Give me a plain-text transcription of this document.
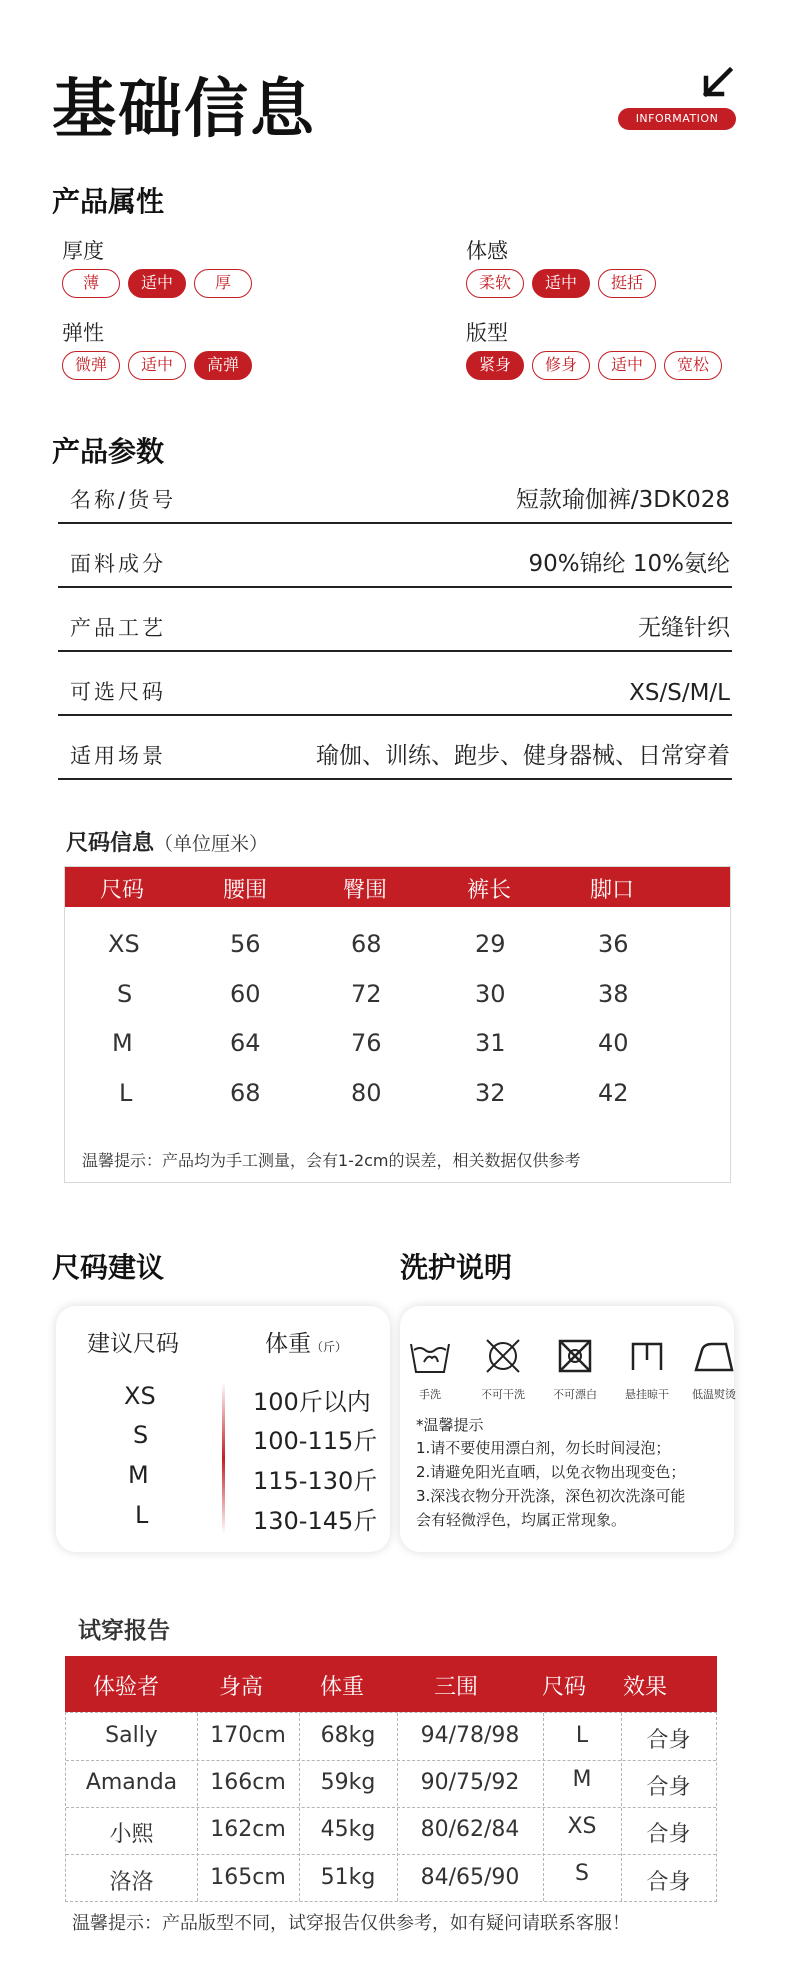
基础信息	INFORMATION
产品属性
厚度
薄	适中	厚
体感
柔软	适中	挺括
弹性
微弹	适中	高弹
版型
紧身	修身	适中	宽松
产品参数
名称/货号	短款瑜伽裤/3DK028
面料成分	90%锦纶 10%氨纶
产品工艺	无缝针织
可选尺码	XS/S/M/L
适用场景	瑜伽、训练、跑步、健身器械、日常穿着
尺码信息（单位厘米）
尺码	腰围	臀围	裤长	脚口
XS	56	68	29	36
S	60	72	30	38
M	64	76	31	40
L	68	80	32	42
温馨提示：产品均为手工测量，会有1-2cm的误差，相关数据仅供参考
尺码建议	洗护说明
建议尺码	体重（斤）
XS	100斤以内
S	100-115斤
M	115-130斤
L	130-145斤
手洗	不可干洗	不可漂白	悬挂晾干	低温熨烫
*温馨提示
1.请不要使用漂白剂，勿长时间浸泡；
2.请避免阳光直晒，以免衣物出现变色；
3.深浅衣物分开洗涤，深色初次洗涤可能
会有轻微浮色，均属正常现象。
试穿报告
体验者	身高	体重	三围	尺码 效果
Sally	170cm	68kg	94/78/98	L	合身
Amanda	166cm	59kg	90/75/92	M	合身
小熙	162cm	45kg	80/62/84	XS	合身
洛洛	165cm	51kg	84/65/90	S	合身
温馨提示：产品版型不同，试穿报告仅供参考，如有疑问请联系客服！
